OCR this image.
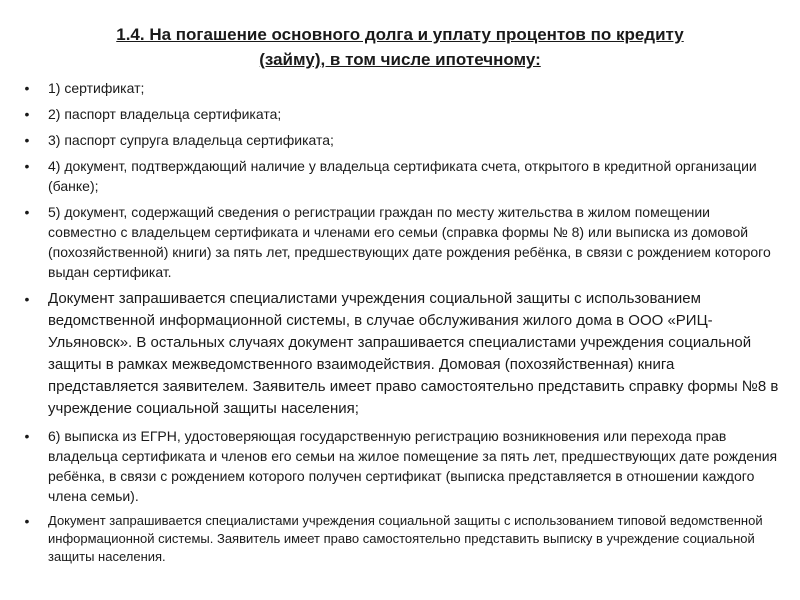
1.4. На погашение основного долга и уплату процентов по кредиту
(займу), в том числе ипотечному:
• 1) сертификат;
• 2) паспорт владельца сертификата;
• 3) паспорт супруга владельца сертификата;
• 4) документ, подтверждающий наличие у владельца сертификата счета, открытого в кредитной организации (банке);
• 5) документ, содержащий сведения о регистрации граждан по месту жительства в жилом помещении совместно с владельцем сертификата и членами его семьи (справка формы № 8) или выписка из домовой (похозяйственной) книги) за пять лет, предшествующих дате рождения ребёнка, в связи с рождением которого выдан сертификат.
• Документ запрашивается специалистами учреждения социальной защиты с использованием ведомственной информационной системы, в случае обслуживания жилого дома в ООО «РИЦ-Ульяновск». В остальных случаях документ запрашивается специалистами учреждения социальной защиты в рамках межведомственного взаимодействия. Домовая (похозяйственная) книга представляется заявителем. Заявитель имеет право самостоятельно представить справку формы №8 в учреждение социальной защиты населения;
• 6) выписка из ЕГРН, удостоверяющая государственную регистрацию возникновения или перехода прав владельца сертификата и членов его семьи на жилое помещение за пять лет, предшествующих дате рождения ребёнка, в связи с рождением которого получен сертификат (выписка представляется в отношении каждого члена семьи).
• Документ запрашивается специалистами учреждения социальной защиты с использованием типовой ведомственной информационной системы. Заявитель имеет право самостоятельно представить выписку в учреждение социальной защиты населения.
